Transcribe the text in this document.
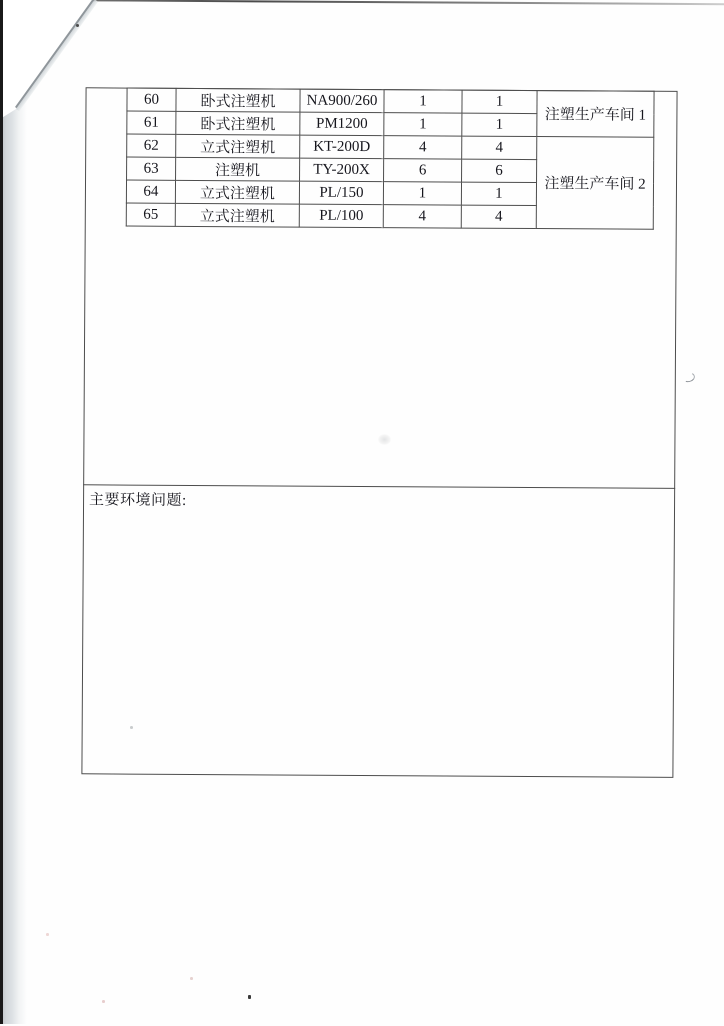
主要环境问题:
60	卧式注塑机	NA900/260	1	1	注塑生产车间 1
61	卧式注塑机	PM1200	1	1	
62	立式注塑机	KT-200D	4	4	注塑生产车间 2
63	注塑机	TY-200X	6	6	
64	立式注塑机	PL/150	1	1	
65	立式注塑机	PL/100	4	4	
